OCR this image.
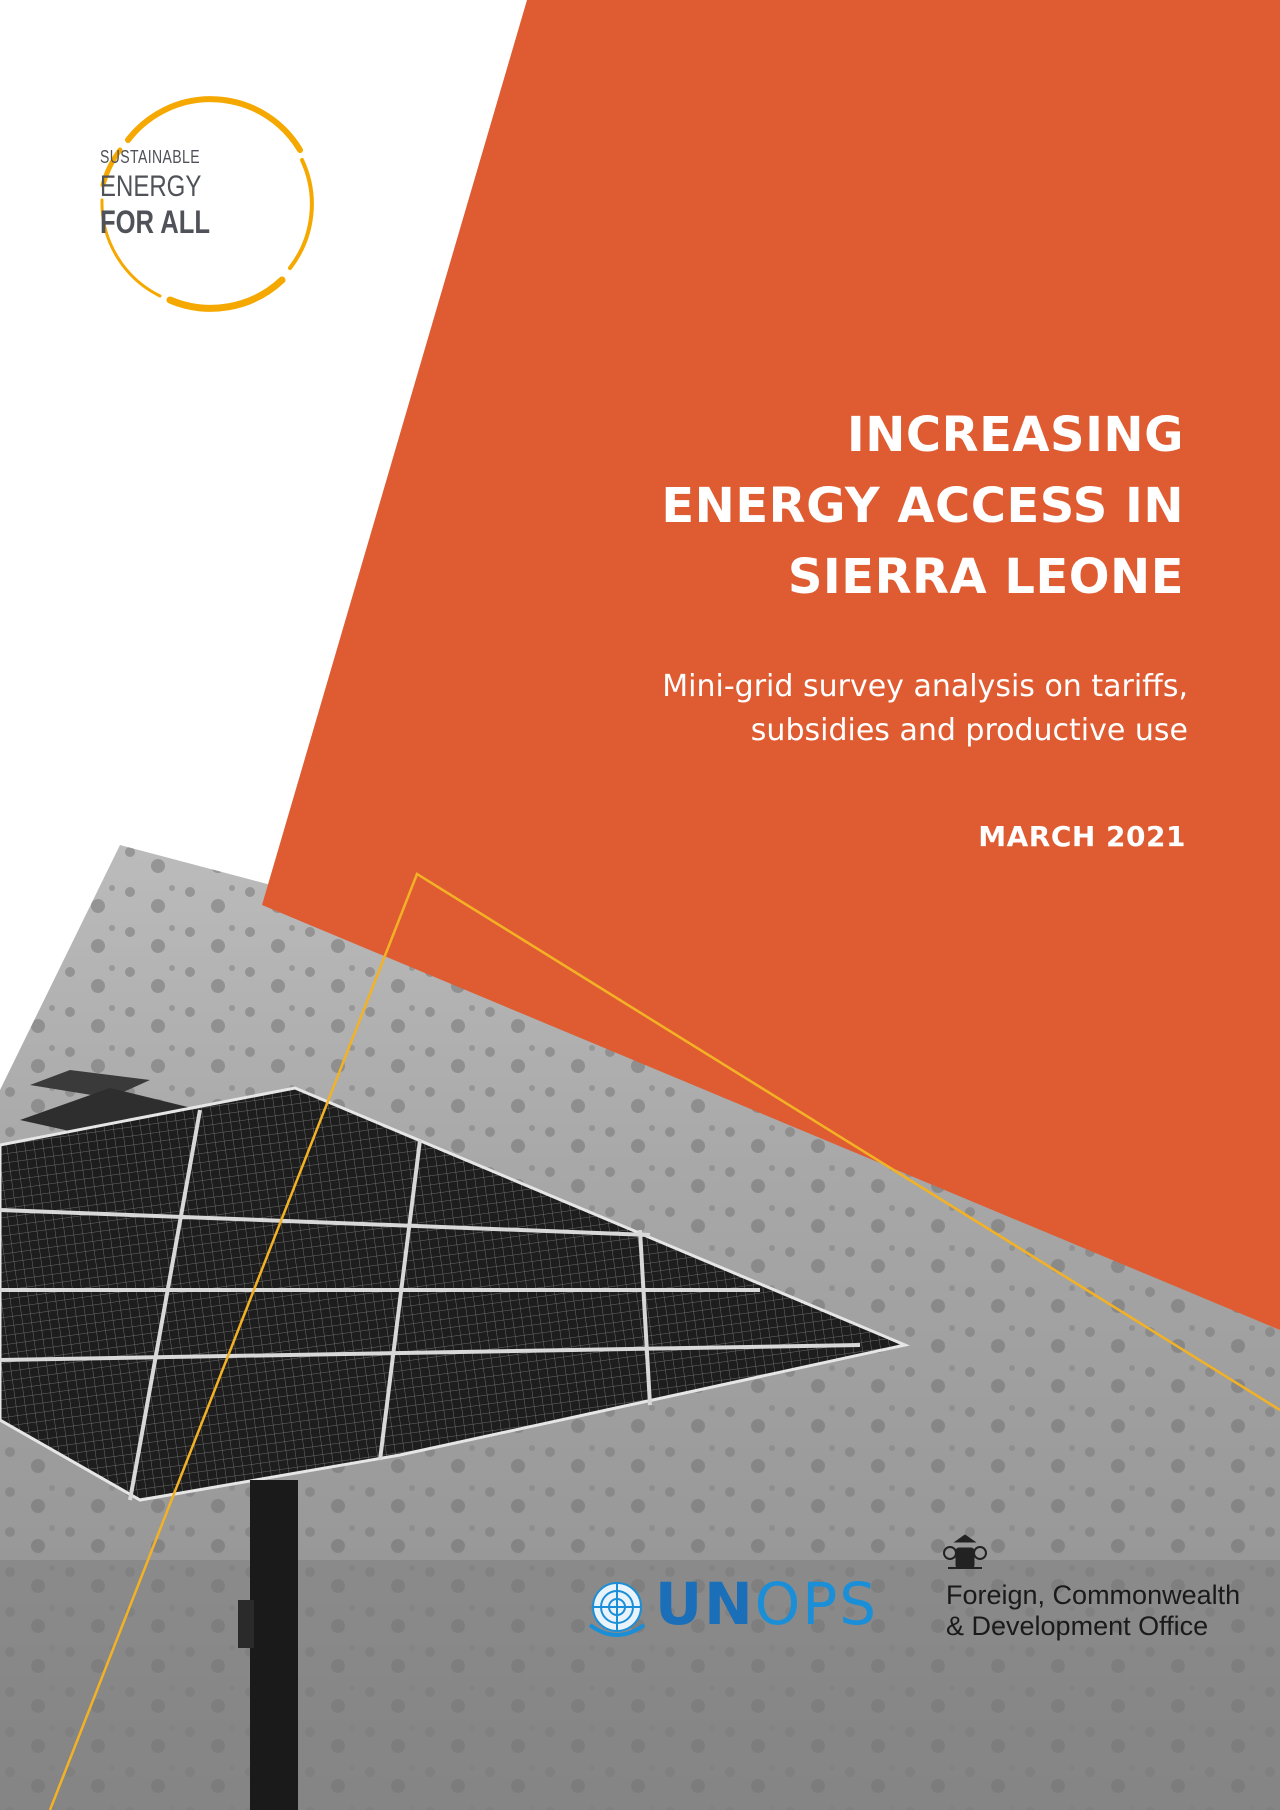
SUSTAINABLE
ENERGY
FOR ALL
INCREASING
ENERGY ACCESS IN
SIERRA LEONE
Mini-grid survey analysis on tariffs,
subsidies and productive use
MARCH 2021
UNOPS	Foreign, Commonwealth
& Development Office
